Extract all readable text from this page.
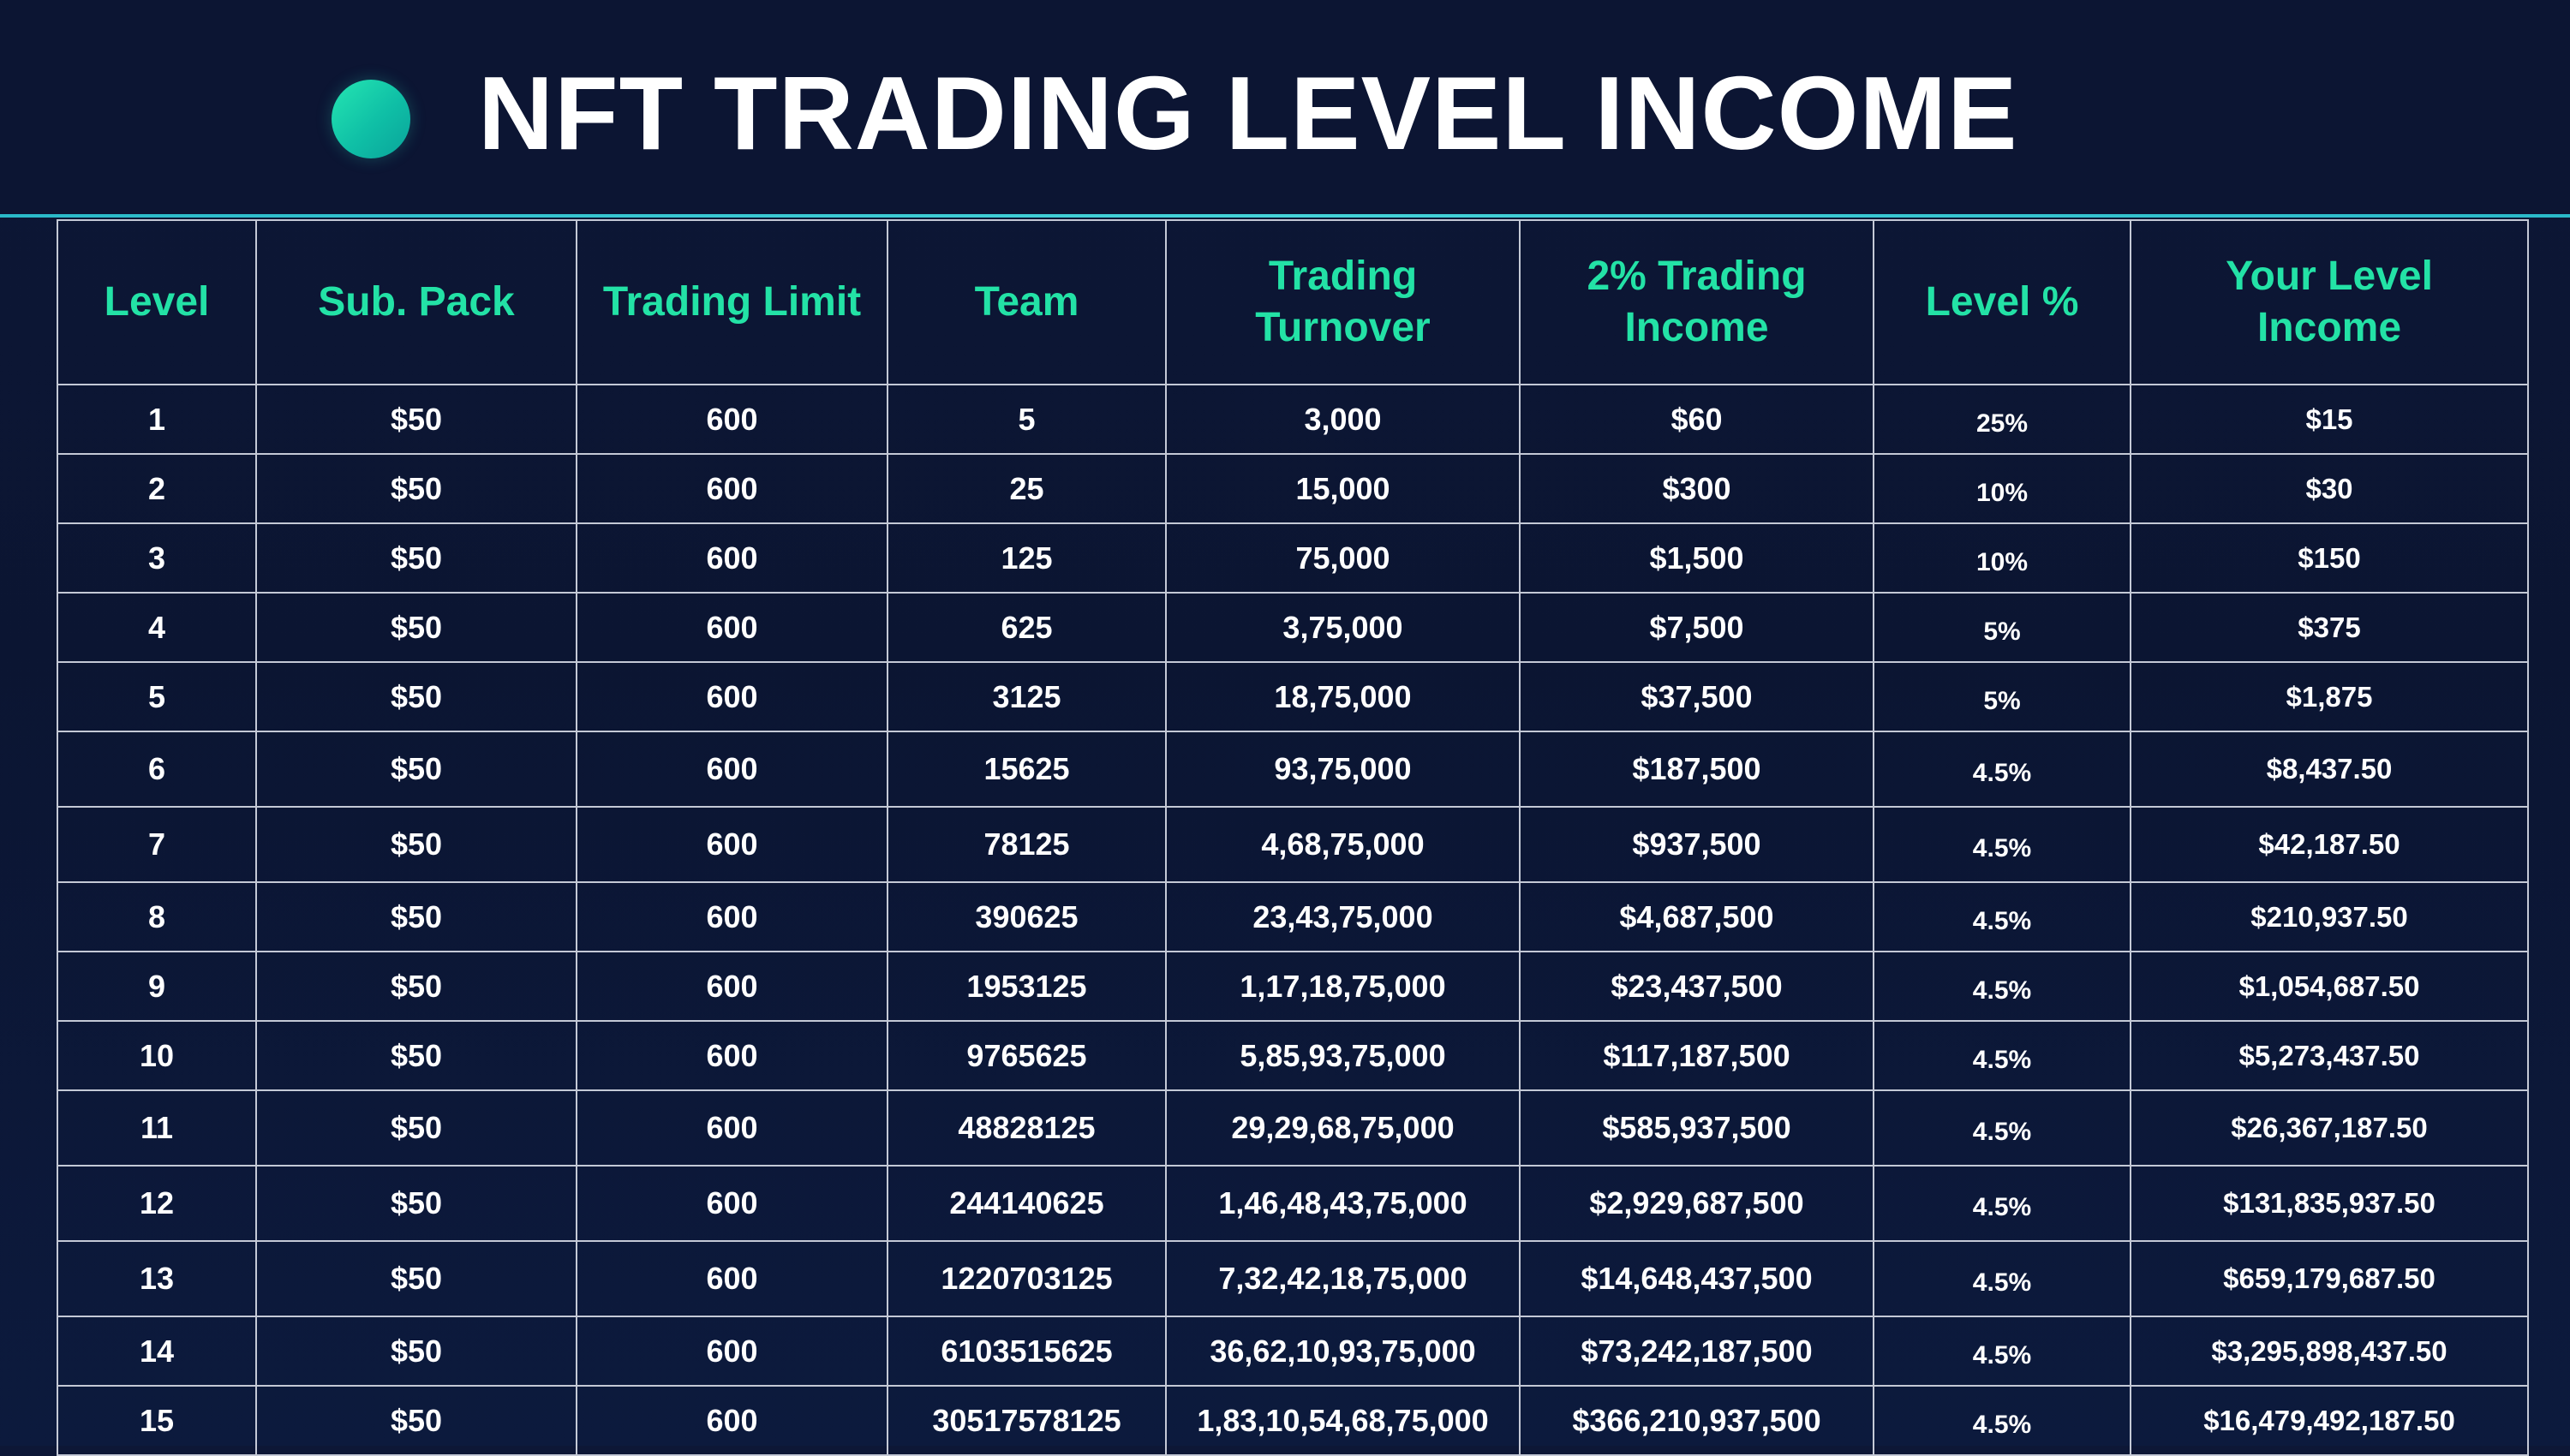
NFT TRADING LEVEL INCOME
Level	Sub. Pack	Trading Limit	Team	Trading Turnover	2% Trading Income	Level %	Your Level Income
1	$50	600	5	3,000	$60	25%	$15
2	$50	600	25	15,000	$300	10%	$30
3	$50	600	125	75,000	$1,500	10%	$150
4	$50	600	625	3,75,000	$7,500	5%	$375
5	$50	600	3125	18,75,000	$37,500	5%	$1,875
6	$50	600	15625	93,75,000	$187,500	4.5%	$8,437.50
7	$50	600	78125	4,68,75,000	$937,500	4.5%	$42,187.50
8	$50	600	390625	23,43,75,000	$4,687,500	4.5%	$210,937.50
9	$50	600	1953125	1,17,18,75,000	$23,437,500	4.5%	$1,054,687.50
10	$50	600	9765625	5,85,93,75,000	$117,187,500	4.5%	$5,273,437.50
11	$50	600	48828125	29,29,68,75,000	$585,937,500	4.5%	$26,367,187.50
12	$50	600	244140625	1,46,48,43,75,000	$2,929,687,500	4.5%	$131,835,937.50
13	$50	600	1220703125	7,32,42,18,75,000	$14,648,437,500	4.5%	$659,179,687.50
14	$50	600	6103515625	36,62,10,93,75,000	$73,242,187,500	4.5%	$3,295,898,437.50
15	$50	600	30517578125	1,83,10,54,68,75,000	$366,210,937,500	4.5%	$16,479,492,187.50
